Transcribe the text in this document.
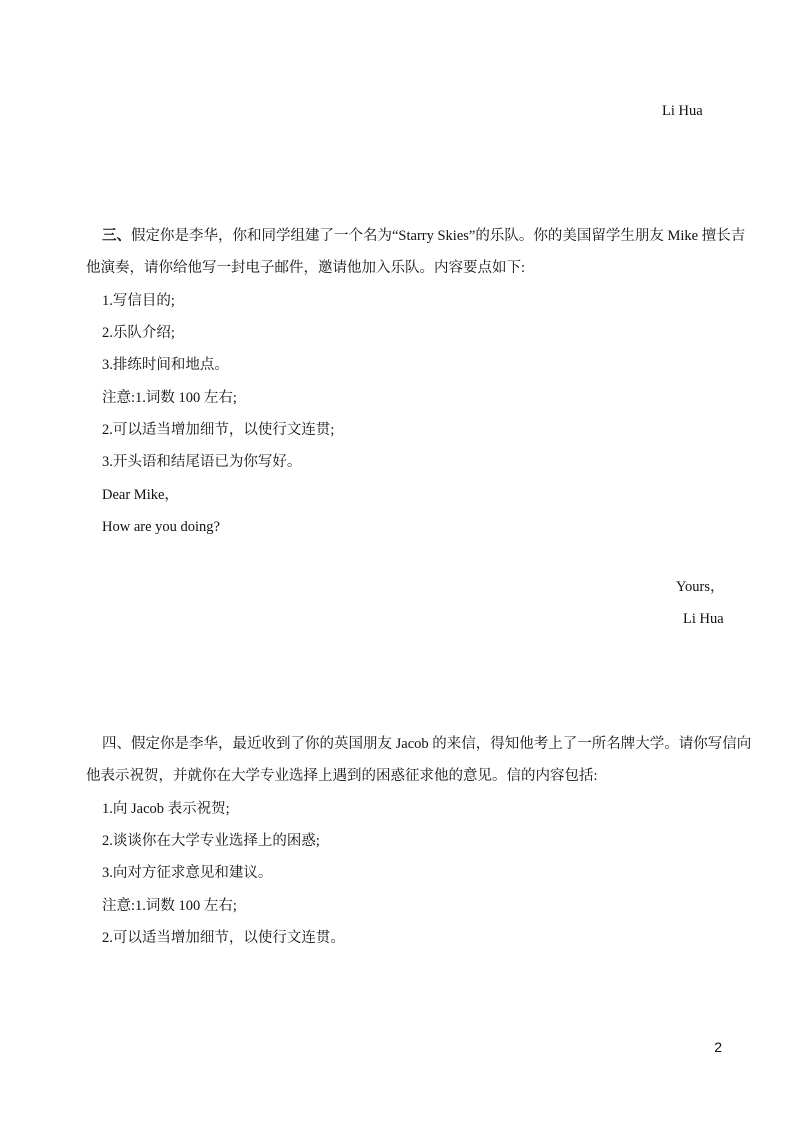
Li Hua
三、假定你是李华，你和同学组建了一个名为“Starry Skies”的乐队。你的美国留学生朋友 Mike 擅长吉
他演奏，请你给他写一封电子邮件，邀请他加入乐队。内容要点如下:
1.写信目的;
2.乐队介绍;
3.排练时间和地点。
注意:1.词数 100 左右;
2.可以适当增加细节，以使行文连贯;
3.开头语和结尾语已为你写好。
Dear Mike，
How are you doing?
Yours，
Li Hua
四、假定你是李华，最近收到了你的英国朋友 Jacob 的来信，得知他考上了一所名牌大学。请你写信向
他表示祝贺，并就你在大学专业选择上遇到的困惑征求他的意见。信的内容包括:
1.向 Jacob 表示祝贺;
2.谈谈你在大学专业选择上的困惑;
3.向对方征求意见和建议。
注意:1.词数 100 左右;
2.可以适当增加细节，以使行文连贯。
2
